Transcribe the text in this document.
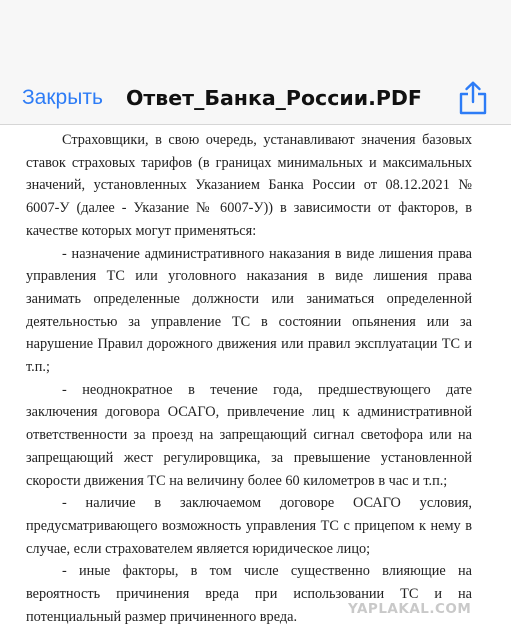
Закрыть Ответ_Банка_России.PDF

Страховщики, в свою очередь, устанавливают значения базовых ставок страховых тарифов (в границах минимальных и максимальных значений, установленных Указанием Банка России от 08.12.2021 № 6007-У (далее - Указание № 6007-У)) в зависимости от факторов, в качестве которых могут применяться:

- назначение административного наказания в виде лишения права управления ТС или уголовного наказания в виде лишения права занимать определенные должности или заниматься определенной деятельностью за управление ТС в состоянии опьянения или за нарушение Правил дорожного движения или правил эксплуатации ТС и т.п.;

- неоднократное в течение года, предшествующего дате заключения договора ОСАГО, привлечение лиц к административной ответственности за проезд на запрещающий сигнал светофора или на запрещающий жест регулировщика, за превышение установленной скорости движения ТС на величину более 60 километров в час и т.п.;

- наличие в заключаемом договоре ОСАГО условия, предусматривающего возможность управления ТС с прицепом к нему в случае, если страхователем является юридическое лицо;

- иные факторы, в том числе существенно влияющие на вероятность причинения вреда при использовании ТС и на потенциальный размер причиненного вреда.	YAPLAKAL.COM
